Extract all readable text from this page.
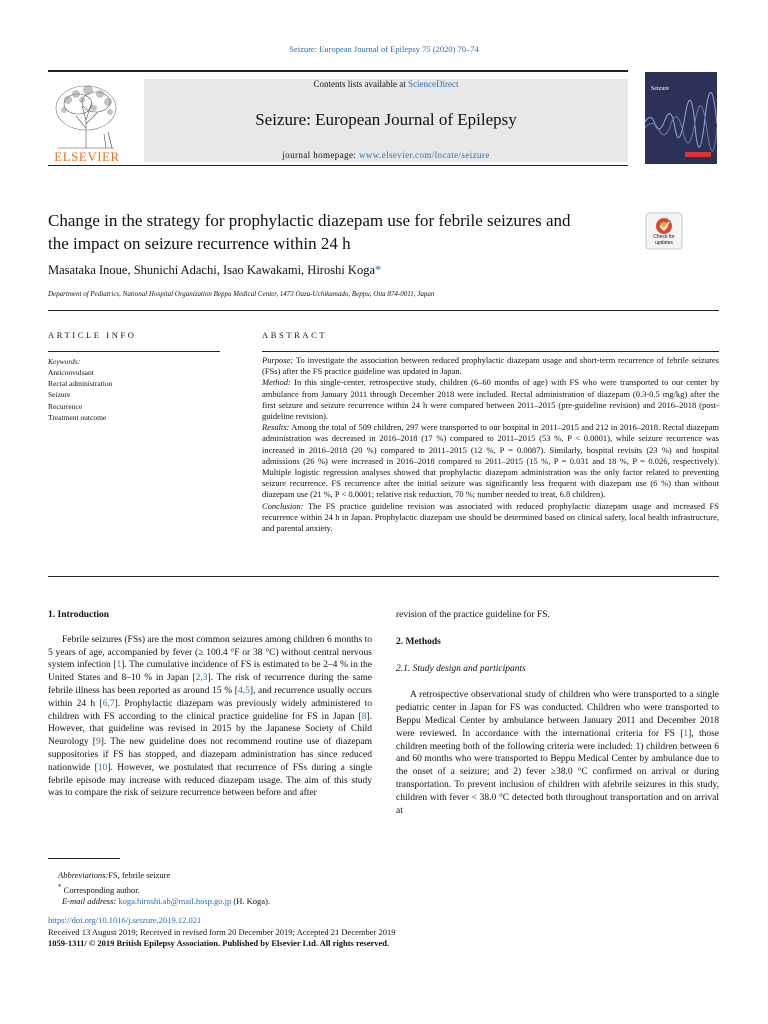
Seizure: European Journal of Epilepsy 75 (2020) 70–74
ELSEVIER
Contents lists available at ScienceDirect
Seizure: European Journal of Epilepsy
journal homepage: www.elsevier.com/locate/seizure
Seizure
Change in the strategy for prophylactic diazepam use for febrile seizures and
the impact on seizure recurrence within 24 h	Check for
updates
Masataka Inoue, Shunichi Adachi, Isao Kawakami, Hiroshi Koga*
Department of Pediatrics, National Hospital Organization Beppu Medical Center, 1473 Oaza-Uchikamado, Beppu, Oita 874-0011, Japan
ARTICLE INFO	ABSTRACT
Keywords:
Anticonvulsant
Rectal administration
Seizure
Recurrence
Treatment outcome

Purpose: To investigate the association between reduced prophylactic diazepam usage and short-term recurrence of febrile seizures (FSs) after the FS practice guideline was updated in Japan.

Method: In this single-center, retrospective study, children (6–60 months of age) with FS who were transported to our center by ambulance from January 2011 through December 2018 were included. Rectal administration of diazepam (0.3-0.5 mg/kg) after the first seizure and seizure recurrence within 24 h were compared between 2011–2015 (pre-guideline revision) and 2016–2018 (post-guideline revision).

Results: Among the total of 509 children, 297 were transported to our hospital in 2011–2015 and 212 in 2016–2018. Rectal diazepam administration was decreased in 2016–2018 (17 %) compared to 2011–2015 (53 %, P < 0.0001), while seizure recurrence was increased in 2016–2018 (20 %) compared to 2011–2015 (12 %, P = 0.0087). Similarly, hospital revisits (23 %) and hospital admissions (26 %) were increased in 2016–2018 compared to 2011–2015 (15 %, P = 0.031 and 18 %, P = 0.026, respectively). Multiple logistic regression analyses showed that prophylactic diazepam administration was the only factor related to preventing seizure recurrence. FS recurrence after the initial seizure was significantly less frequent with diazepam use (6 %) than without diazepam use (21 %, P < 0.0001; relative risk reduction, 70 %; number needed to treat, 6.8 children).

Conclusion: The FS practice guideline revision was associated with reduced prophylactic diazepam usage and increased FS recurrence within 24 h in Japan. Prophylactic diazepam use should be determined based on clinical safety, local health infrastructure, and parental anxiety.

1. Introduction

Febrile seizures (FSs) are the most common seizures among children 6 months to 5 years of age, accompanied by fever (≥ 100.4 °F or 38 °C) without central nervous system infection [1]. The cumulative incidence of FS is estimated to be 2–4 % in the United States and 8–10 % in Japan [2,3]. The risk of recurrence during the same febrile illness has been reported as around 15 % [4,5], and recurrence usually occurs within 24 h [6,7]. Prophylactic diazepam was previously widely administered to children with FS according to the clinical practice guideline for FS in Japan [8]. However, that guideline was revised in 2015 by the Japanese Society of Child Neurology [9]. The new guideline does not recommend routine use of diazepam suppositories if FS has stopped, and diazepam administration has since reduced nationwide [10]. However, we postulated that recurrence of FSs during a single febrile episode may increase with reduced diazepam usage. The aim of this study was to compare the risk of seizure recurrence between before and after

revision of the practice guideline for FS.

2. Methods
2.1. Study design and participants

A retrospective observational study of children who were transported to a single pediatric center in Japan for FS was conducted. Children who were transported to Beppu Medical Center by ambulance between January 2011 and December 2018 were reviewed. In accordance with the international criteria for FS [1], those children meeting both of the following criteria were included: 1) children between 6 and 60 months who were transported to Beppu Medical Center by ambulance due to the onset of a seizure; and 2) fever ≥38.0 °C confirmed on arrival or during transportation. To prevent inclusion of children with afebrile seizures in this study, children with fever < 38.0 °C detected both throughout transportation and on arrival at

Abbreviations:FS, febrile seizure
* Corresponding author.
E-mail address: koga.hiroshi.ab@mail.hosp.go.jp (H. Koga).
https://doi.org/10.1016/j.seizure.2019.12.021
Received 13 August 2019; Received in revised form 20 December 2019; Accepted 21 December 2019
1059-1311/ © 2019 British Epilepsy Association. Published by Elsevier Ltd. All rights reserved.
